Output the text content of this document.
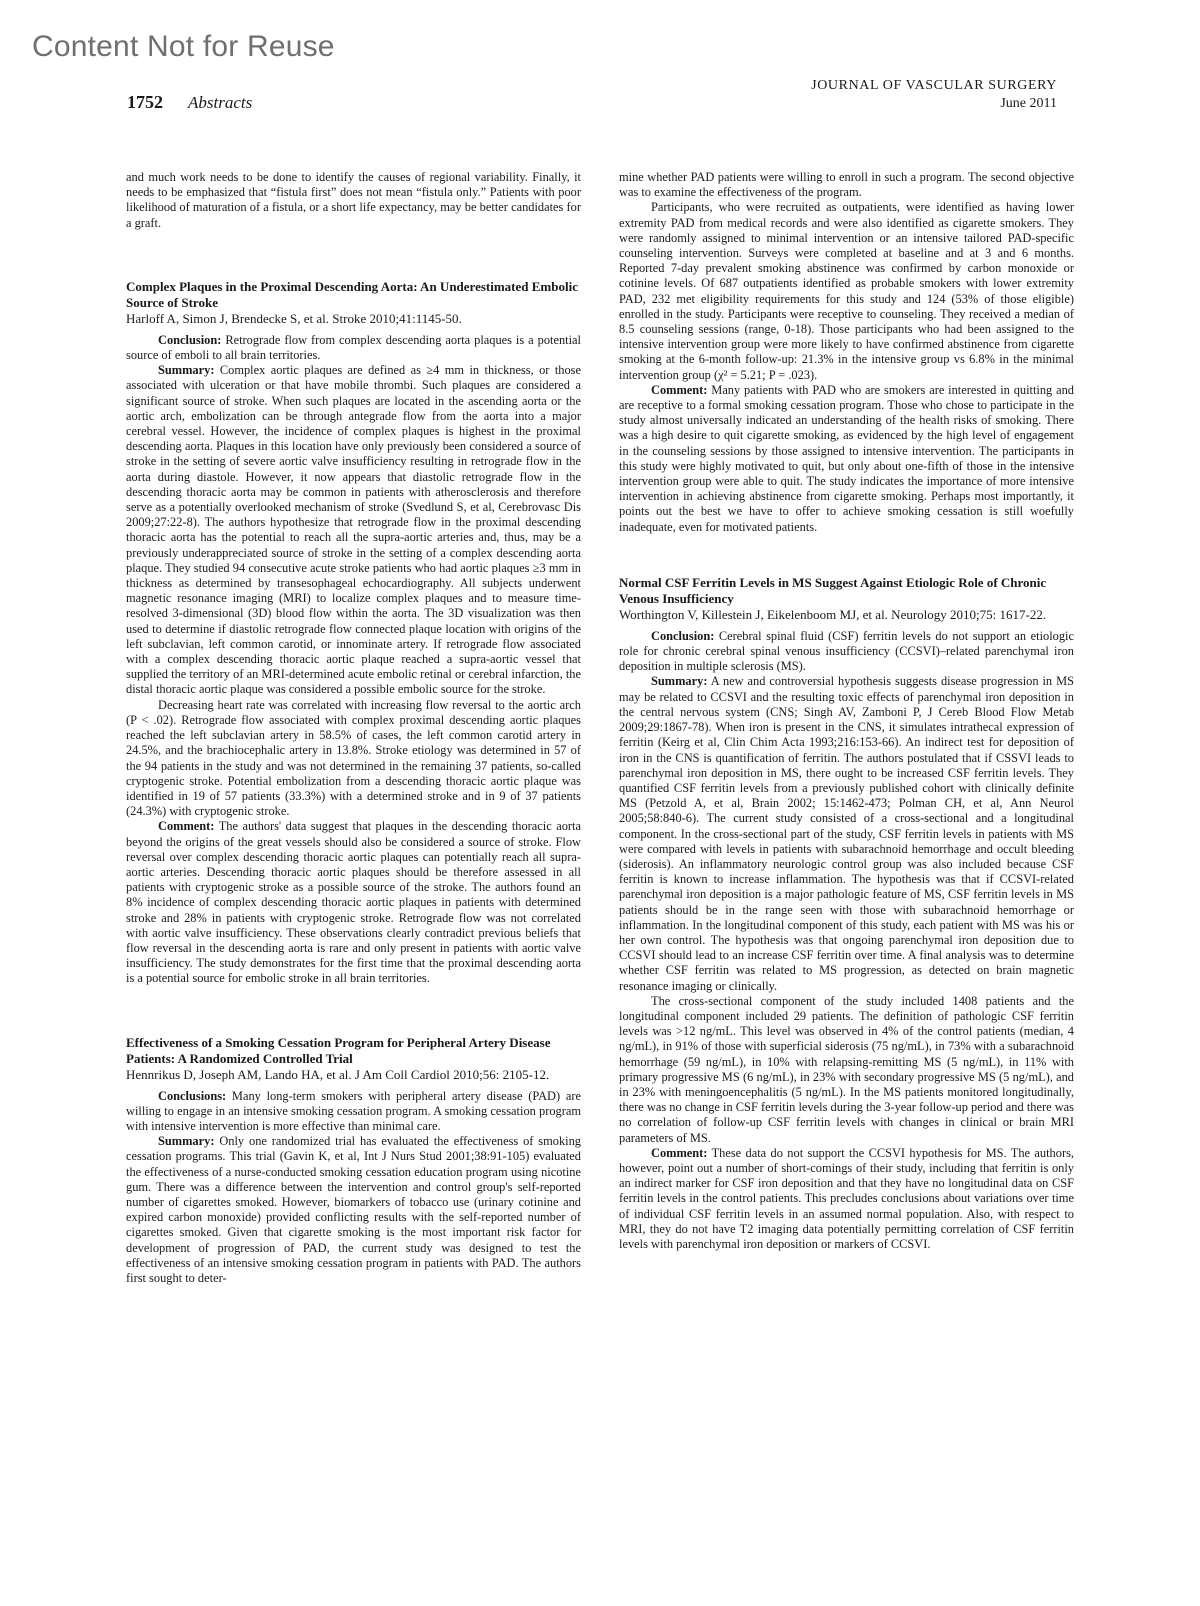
Content Not for Reuse
1752 Abstracts
JOURNAL OF VASCULAR SURGERY
June 2011

and much work needs to be done to identify the causes of regional variability. Finally, it needs to be emphasized that “fistula first” does not mean “fistula only.” Patients with poor likelihood of maturation of a fistula, or a short life expectancy, may be better candidates for a graft.

Complex Plaques in the Proximal Descending Aorta: An Underestimated Embolic Source of Stroke

Harloff A, Simon J, Brendecke S, et al. Stroke 2010;41:1145-50.

Conclusion: Retrograde flow from complex descending aorta plaques is a potential source of emboli to all brain territories.

Summary: Complex aortic plaques are defined as ≥4 mm in thickness, or those associated with ulceration or that have mobile thrombi. Such plaques are considered a significant source of stroke. When such plaques are located in the ascending aorta or the aortic arch, embolization can be through antegrade flow from the aorta into a major cerebral vessel. However, the incidence of complex plaques is highest in the proximal descending aorta. Plaques in this location have only previously been considered a source of stroke in the setting of severe aortic valve insufficiency resulting in retrograde flow in the aorta during diastole. However, it now appears that diastolic retrograde flow in the descending thoracic aorta may be common in patients with atherosclerosis and therefore serve as a potentially overlooked mechanism of stroke (Svedlund S, et al, Cerebrovasc Dis 2009;27:22-8). The authors hypothesize that retrograde flow in the proximal descending thoracic aorta has the potential to reach all the supra-aortic arteries and, thus, may be a previously underappreciated source of stroke in the setting of a complex descending aorta plaque. They studied 94 consecutive acute stroke patients who had aortic plaques ≥3 mm in thickness as determined by transesophageal echocardiography. All subjects underwent magnetic resonance imaging (MRI) to localize complex plaques and to measure time-resolved 3-dimensional (3D) blood flow within the aorta. The 3D visualization was then used to determine if diastolic retrograde flow connected plaque location with origins of the left subclavian, left common carotid, or innominate artery. If retrograde flow associated with a complex descending thoracic aortic plaque reached a supra-aortic vessel that supplied the territory of an MRI-determined acute embolic retinal or cerebral infarction, the distal thoracic aortic plaque was considered a possible embolic source for the stroke.

Decreasing heart rate was correlated with increasing flow reversal to the aortic arch (P < .02). Retrograde flow associated with complex proximal descending aortic plaques reached the left subclavian artery in 58.5% of cases, the left common carotid artery in 24.5%, and the brachiocephalic artery in 13.8%. Stroke etiology was determined in 57 of the 94 patients in the study and was not determined in the remaining 37 patients, so-called cryptogenic stroke. Potential embolization from a descending thoracic aortic plaque was identified in 19 of 57 patients (33.3%) with a determined stroke and in 9 of 37 patients (24.3%) with cryptogenic stroke.

Comment: The authors' data suggest that plaques in the descending thoracic aorta beyond the origins of the great vessels should also be considered a source of stroke. Flow reversal over complex descending thoracic aortic plaques can potentially reach all supra-aortic arteries. Descending thoracic aortic plaques should be therefore assessed in all patients with cryptogenic stroke as a possible source of the stroke. The authors found an 8% incidence of complex descending thoracic aortic plaques in patients with determined stroke and 28% in patients with cryptogenic stroke. Retrograde flow was not correlated with aortic valve insufficiency. These observations clearly contradict previous beliefs that flow reversal in the descending aorta is rare and only present in patients with aortic valve insufficiency. The study demonstrates for the first time that the proximal descending aorta is a potential source for embolic stroke in all brain territories.

Effectiveness of a Smoking Cessation Program for Peripheral Artery Disease Patients: A Randomized Controlled Trial

Hennrikus D, Joseph AM, Lando HA, et al. J Am Coll Cardiol 2010;56: 2105-12.

Conclusions: Many long-term smokers with peripheral artery disease (PAD) are willing to engage in an intensive smoking cessation program. A smoking cessation program with intensive intervention is more effective than minimal care.

Summary: Only one randomized trial has evaluated the effectiveness of smoking cessation programs. This trial (Gavin K, et al, Int J Nurs Stud 2001;38:91-105) evaluated the effectiveness of a nurse-conducted smoking cessation education program using nicotine gum. There was a difference between the intervention and control group's self-reported number of cigarettes smoked. However, biomarkers of tobacco use (urinary cotinine and expired carbon monoxide) provided conflicting results with the self-reported number of cigarettes smoked. Given that cigarette smoking is the most important risk factor for development of progression of PAD, the current study was designed to test the effectiveness of an intensive smoking cessation program in patients with PAD. The authors first sought to deter-

mine whether PAD patients were willing to enroll in such a program. The second objective was to examine the effectiveness of the program.

Participants, who were recruited as outpatients, were identified as having lower extremity PAD from medical records and were also identified as cigarette smokers. They were randomly assigned to minimal intervention or an intensive tailored PAD-specific counseling intervention. Surveys were completed at baseline and at 3 and 6 months. Reported 7-day prevalent smoking abstinence was confirmed by carbon monoxide or cotinine levels. Of 687 outpatients identified as probable smokers with lower extremity PAD, 232 met eligibility requirements for this study and 124 (53% of those eligible) enrolled in the study. Participants were receptive to counseling. They received a median of 8.5 counseling sessions (range, 0-18). Those participants who had been assigned to the intensive intervention group were more likely to have confirmed abstinence from cigarette smoking at the 6-month follow-up: 21.3% in the intensive group vs 6.8% in the minimal intervention group (χ² = 5.21; P = .023).

Comment: Many patients with PAD who are smokers are interested in quitting and are receptive to a formal smoking cessation program. Those who chose to participate in the study almost universally indicated an understanding of the health risks of smoking. There was a high desire to quit cigarette smoking, as evidenced by the high level of engagement in the counseling sessions by those assigned to intensive intervention. The participants in this study were highly motivated to quit, but only about one-fifth of those in the intensive intervention group were able to quit. The study indicates the importance of more intensive intervention in achieving abstinence from cigarette smoking. Perhaps most importantly, it points out the best we have to offer to achieve smoking cessation is still woefully inadequate, even for motivated patients.

Normal CSF Ferritin Levels in MS Suggest Against Etiologic Role of Chronic Venous Insufficiency

Worthington V, Killestein J, Eikelenboom MJ, et al. Neurology 2010;75: 1617-22.

Conclusion: Cerebral spinal fluid (CSF) ferritin levels do not support an etiologic role for chronic cerebral spinal venous insufficiency (CCSVI)–related parenchymal iron deposition in multiple sclerosis (MS).

Summary: A new and controversial hypothesis suggests disease progression in MS may be related to CCSVI and the resulting toxic effects of parenchymal iron deposition in the central nervous system (CNS; Singh AV, Zamboni P, J Cereb Blood Flow Metab 2009;29:1867-78). When iron is present in the CNS, it simulates intrathecal expression of ferritin (Keirg et al, Clin Chim Acta 1993;216:153-66). An indirect test for deposition of iron in the CNS is quantification of ferritin. The authors postulated that if CSSVI leads to parenchymal iron deposition in MS, there ought to be increased CSF ferritin levels. They quantified CSF ferritin levels from a previously published cohort with clinically definite MS (Petzold A, et al, Brain 2002; 15:1462-473; Polman CH, et al, Ann Neurol 2005;58:840-6). The current study consisted of a cross-sectional and a longitudinal component. In the cross-sectional part of the study, CSF ferritin levels in patients with MS were compared with levels in patients with subarachnoid hemorrhage and occult bleeding (siderosis). An inflammatory neurologic control group was also included because CSF ferritin is known to increase inflammation. The hypothesis was that if CCSVI-related parenchymal iron deposition is a major pathologic feature of MS, CSF ferritin levels in MS patients should be in the range seen with those with subarachnoid hemorrhage or inflammation. In the longitudinal component of this study, each patient with MS was his or her own control. The hypothesis was that ongoing parenchymal iron deposition due to CCSVI should lead to an increase CSF ferritin over time. A final analysis was to determine whether CSF ferritin was related to MS progression, as detected on brain magnetic resonance imaging or clinically.

The cross-sectional component of the study included 1408 patients and the longitudinal component included 29 patients. The definition of pathologic CSF ferritin levels was >12 ng/mL. This level was observed in 4% of the control patients (median, 4 ng/mL), in 91% of those with superficial siderosis (75 ng/mL), in 73% with a subarachnoid hemorrhage (59 ng/mL), in 10% with relapsing-remitting MS (5 ng/mL), in 11% with primary progressive MS (6 ng/mL), in 23% with secondary progressive MS (5 ng/mL), and in 23% with meningoencephalitis (5 ng/mL). In the MS patients monitored longitudinally, there was no change in CSF ferritin levels during the 3-year follow-up period and there was no correlation of follow-up CSF ferritin levels with changes in clinical or brain MRI parameters of MS.

Comment: These data do not support the CCSVI hypothesis for MS. The authors, however, point out a number of short-comings of their study, including that ferritin is only an indirect marker for CSF iron deposition and that they have no longitudinal data on CSF ferritin levels in the control patients. This precludes conclusions about variations over time of individual CSF ferritin levels in an assumed normal population. Also, with respect to MRI, they do not have T2 imaging data potentially permitting correlation of CSF ferritin levels with parenchymal iron deposition or markers of CCSVI.
